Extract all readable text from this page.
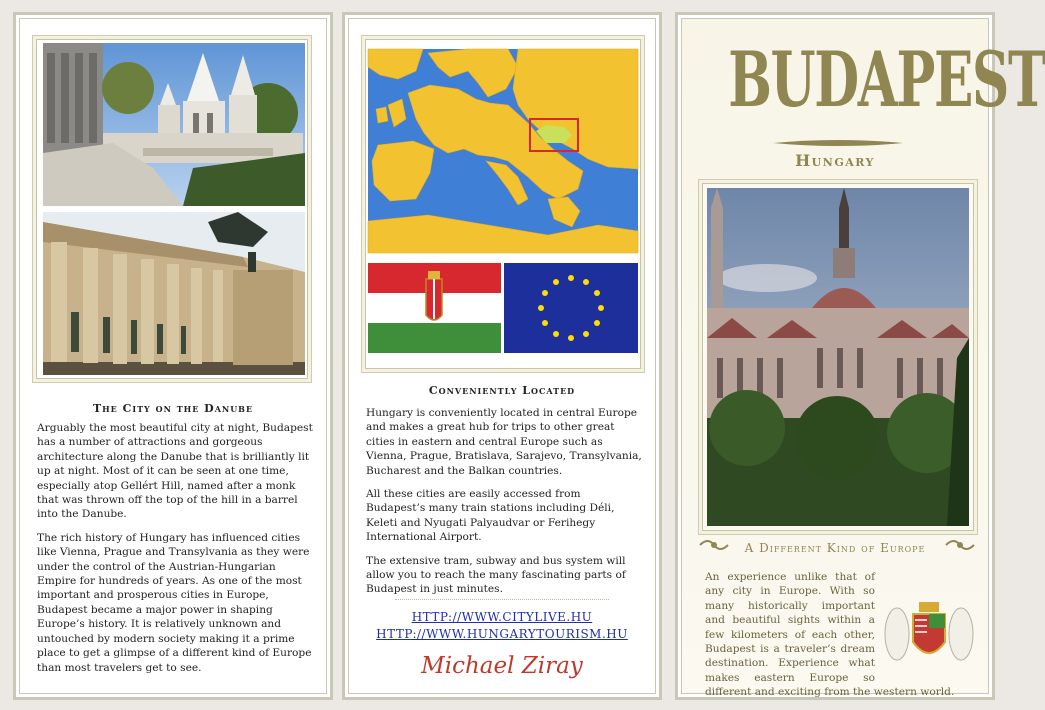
The City on the Danube

Arguably the most beautiful city at night, Budapest has a number of attractions and gorgeous architecture along the Danube that is brilliantly lit up at night. Most of it can be seen at one time, especially atop Gellért Hill, named after a monk that was thrown off the top of the hill in a barrel into the Danube.

The rich history of Hungary has influenced cities like Vienna, Prague and Transylvania as they were under the control of the Austrian-Hungarian Empire for hundreds of years. As one of the most important and prosperous cities in Europe, Budapest became a major power in shaping Europe’s history. It is relatively unknown and untouched by modern society making it a prime place to get a glimpse of a different kind of Europe than most travelers get to see.

Conveniently Located

Hungary is conveniently located in central Europe and makes a great hub for trips to other great cities in eastern and central Europe such as Vienna, Prague, Bratislava, Sarajevo, Transylvania, Bucharest and the Balkan countries.

All these cities are easily accessed from Budapest’s many train stations including Déli, Keleti and Nyugati Palyaudvar or Ferihegy International Airport.

The extensive tram, subway and bus system will allow you to reach the many fascinating parts of Budapest in just minutes.

HTTP://WWW.CITYLIVE.HU
HTTP://WWW.HUNGARYTOURISM.HU
Michael Ziray
BUDAPEST
Hungary
A Different Kind of Europe
An experience unlike that of any city in Europe. With so many historically important and beautiful sights within a few kilometers of each other, Budapest is a traveler’s dream destination. Experience what makes eastern Europe so different and exciting from the western world.
